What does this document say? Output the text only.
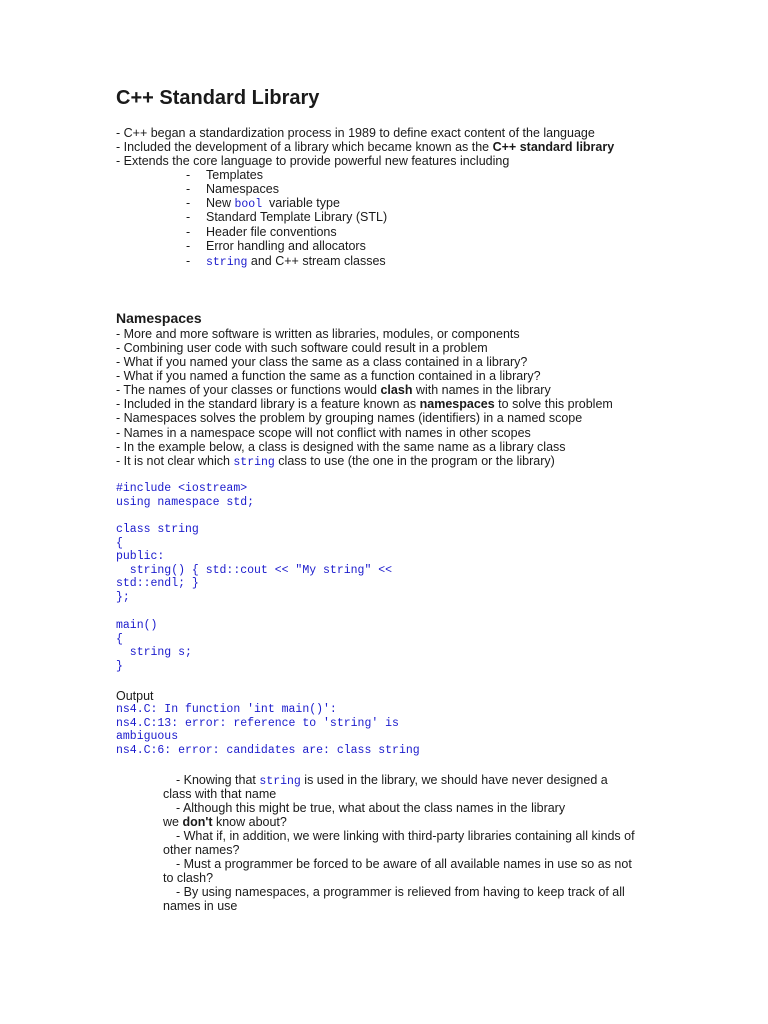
C++ Standard Library
- C++ began a standardization process in 1989 to define exact content of the language
- Included the development of a library which became known as the C++ standard library
- Extends the core language to provide powerful new features including
- Templates
- Namespaces
- New bool  variable type
- Standard Template Library (STL)
- Header file conventions
- Error handling and allocators
- string and C++ stream classes
Namespaces
- More and more software is written as libraries, modules, or components
- Combining user code with such software could result in a problem
- What if you named your class the same as a class contained in a library?
- What if you named a function the same as a function contained in a library?
- The names of your classes or functions would clash with names in the library
- Included in the standard library is a feature known as namespaces to solve this problem
- Namespaces solves the problem by grouping names (identifiers) in a named scope
- Names in a namespace scope will not conflict with names in other scopes
- In the example below, a class is designed with the same name as a library class
- It is not clear which string class to use (the one in the program or the library)
#include <iostream>
using namespace std;
class string
{
public:
string() { std::cout << "My string" <<
std::endl; }
};
main()
{
string s;
}
Output
ns4.C: In function 'int main()':
ns4.C:13: error: reference to 'string' is
ambiguous
ns4.C:6: error: candidates are: class string
- Knowing that string is used in the library, we should have never designed a
class with that name
- Although this might be true, what about the class names in the library
we don't know about?
- What if, in addition, we were linking with third-party libraries containing all kinds of
other names?
- Must a programmer be forced to be aware of all available names in use so as not
to clash?
- By using namespaces, a programmer is relieved from having to keep track of all
names in use
